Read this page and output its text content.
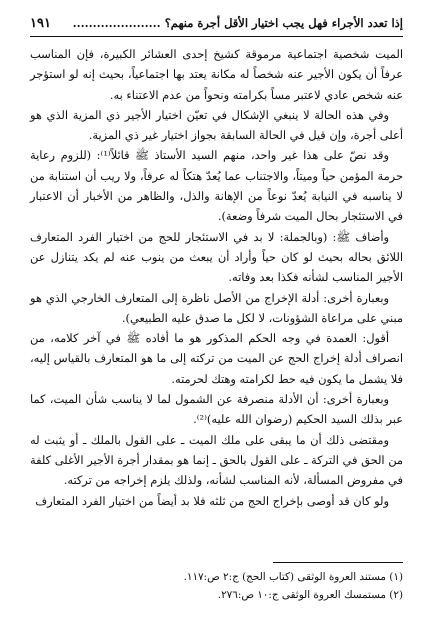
إذا تعدد الأجراء فهل يجب اختيار الأقل أجرة منهم؟ ......................
١٩١

الميت شخصية اجتماعية مرموقة كشيخ إحدى العشائر الكبيرة، فإن المناسب عرفاً أن يكون الأجير عنه شخصاً له مكانة يعتد بها اجتماعياً، بحيث إنه لو استؤجر عنه شخص عادي لاعتبر مساً بكرامته ونحواً من عدم الاعتناء به.

وفي هذه الحالة لا ينبغي الإشكال في تعيّن اختيار الأجير ذي المزية الذي هو أعلى أجرة، وإن قيل في الحالة السابقة بجواز اختيار غير ذي المزية.

وقد نصّ على هذا غير واحد، منهم السيد الأستاذ ﷺ قائلاً⁽¹⁾: (للزوم رعاية حرمة المؤمن حياً وميتاً، والاجتناب عما يُعدّ هتكاً له عرفاً، ولا ريب أن استنابة من لا يناسبه في النيابة يُعدّ نوعاً من الإهانة والذل، والظاهر من الأخبار أن الاعتبار في الاستئجار بحال الميت شرفاً وضعة).

وأضاف ﷺ: (وبالجملة: لا بد في الاستئجار للحج من اختيار الفرد المتعارف اللائق بحاله بحيث لو كان حياً وأراد أن يبعث من ينوب عنه لم يكد يتنازل عن الأجير المناسب لشأنه فكذا بعد وفاته.

وبعبارة أخرى: أدلة الإخراج من الأصل ناظرة إلى المتعارف الخارجي الذي هو مبني على مراعاة الشؤونات، لا لكل ما صدق عليه الطبيعي).

أقول: العمدة في وجه الحكم المذكور هو ما أفاده ﷺ في آخر كلامه، من انصراف أدلة إخراج الحج عن الميت من تركته إلى ما هو المتعارف بالقياس إليه، فلا يشمل ما يكون فيه حط لكرامته وهتك لحرمته.

وبعبارة أخرى: أن الأدلة منصرفة عن الشمول لما لا يناسب شأن الميت، كما عبر بذلك السيد الحكيم (رضوان الله عليه)⁽²⁾.

ومقتضى ذلك أن ما يبقى على ملك الميت ـ على القول بالملك ـ أو يثبت له من الحق في التركة ـ على القول بالحق ـ إنما هو بمقدار أجرة الأجير الأغلى كلفة في مفروض المسألة، لأنه المناسب لشأنه، ولذلك يلزم إخراجه من تركته.

ولو كان قد أوصى بإخراج الحج من ثلثه فلا بد أيضاً من اختيار الفرد المتعارف

(١) مستند العروة الوثقى (كتاب الحج) ج:٢ ص:١١٧.
(٢) مستمسك العروة الوثقى ج:١٠ ص:٢٧٦.
